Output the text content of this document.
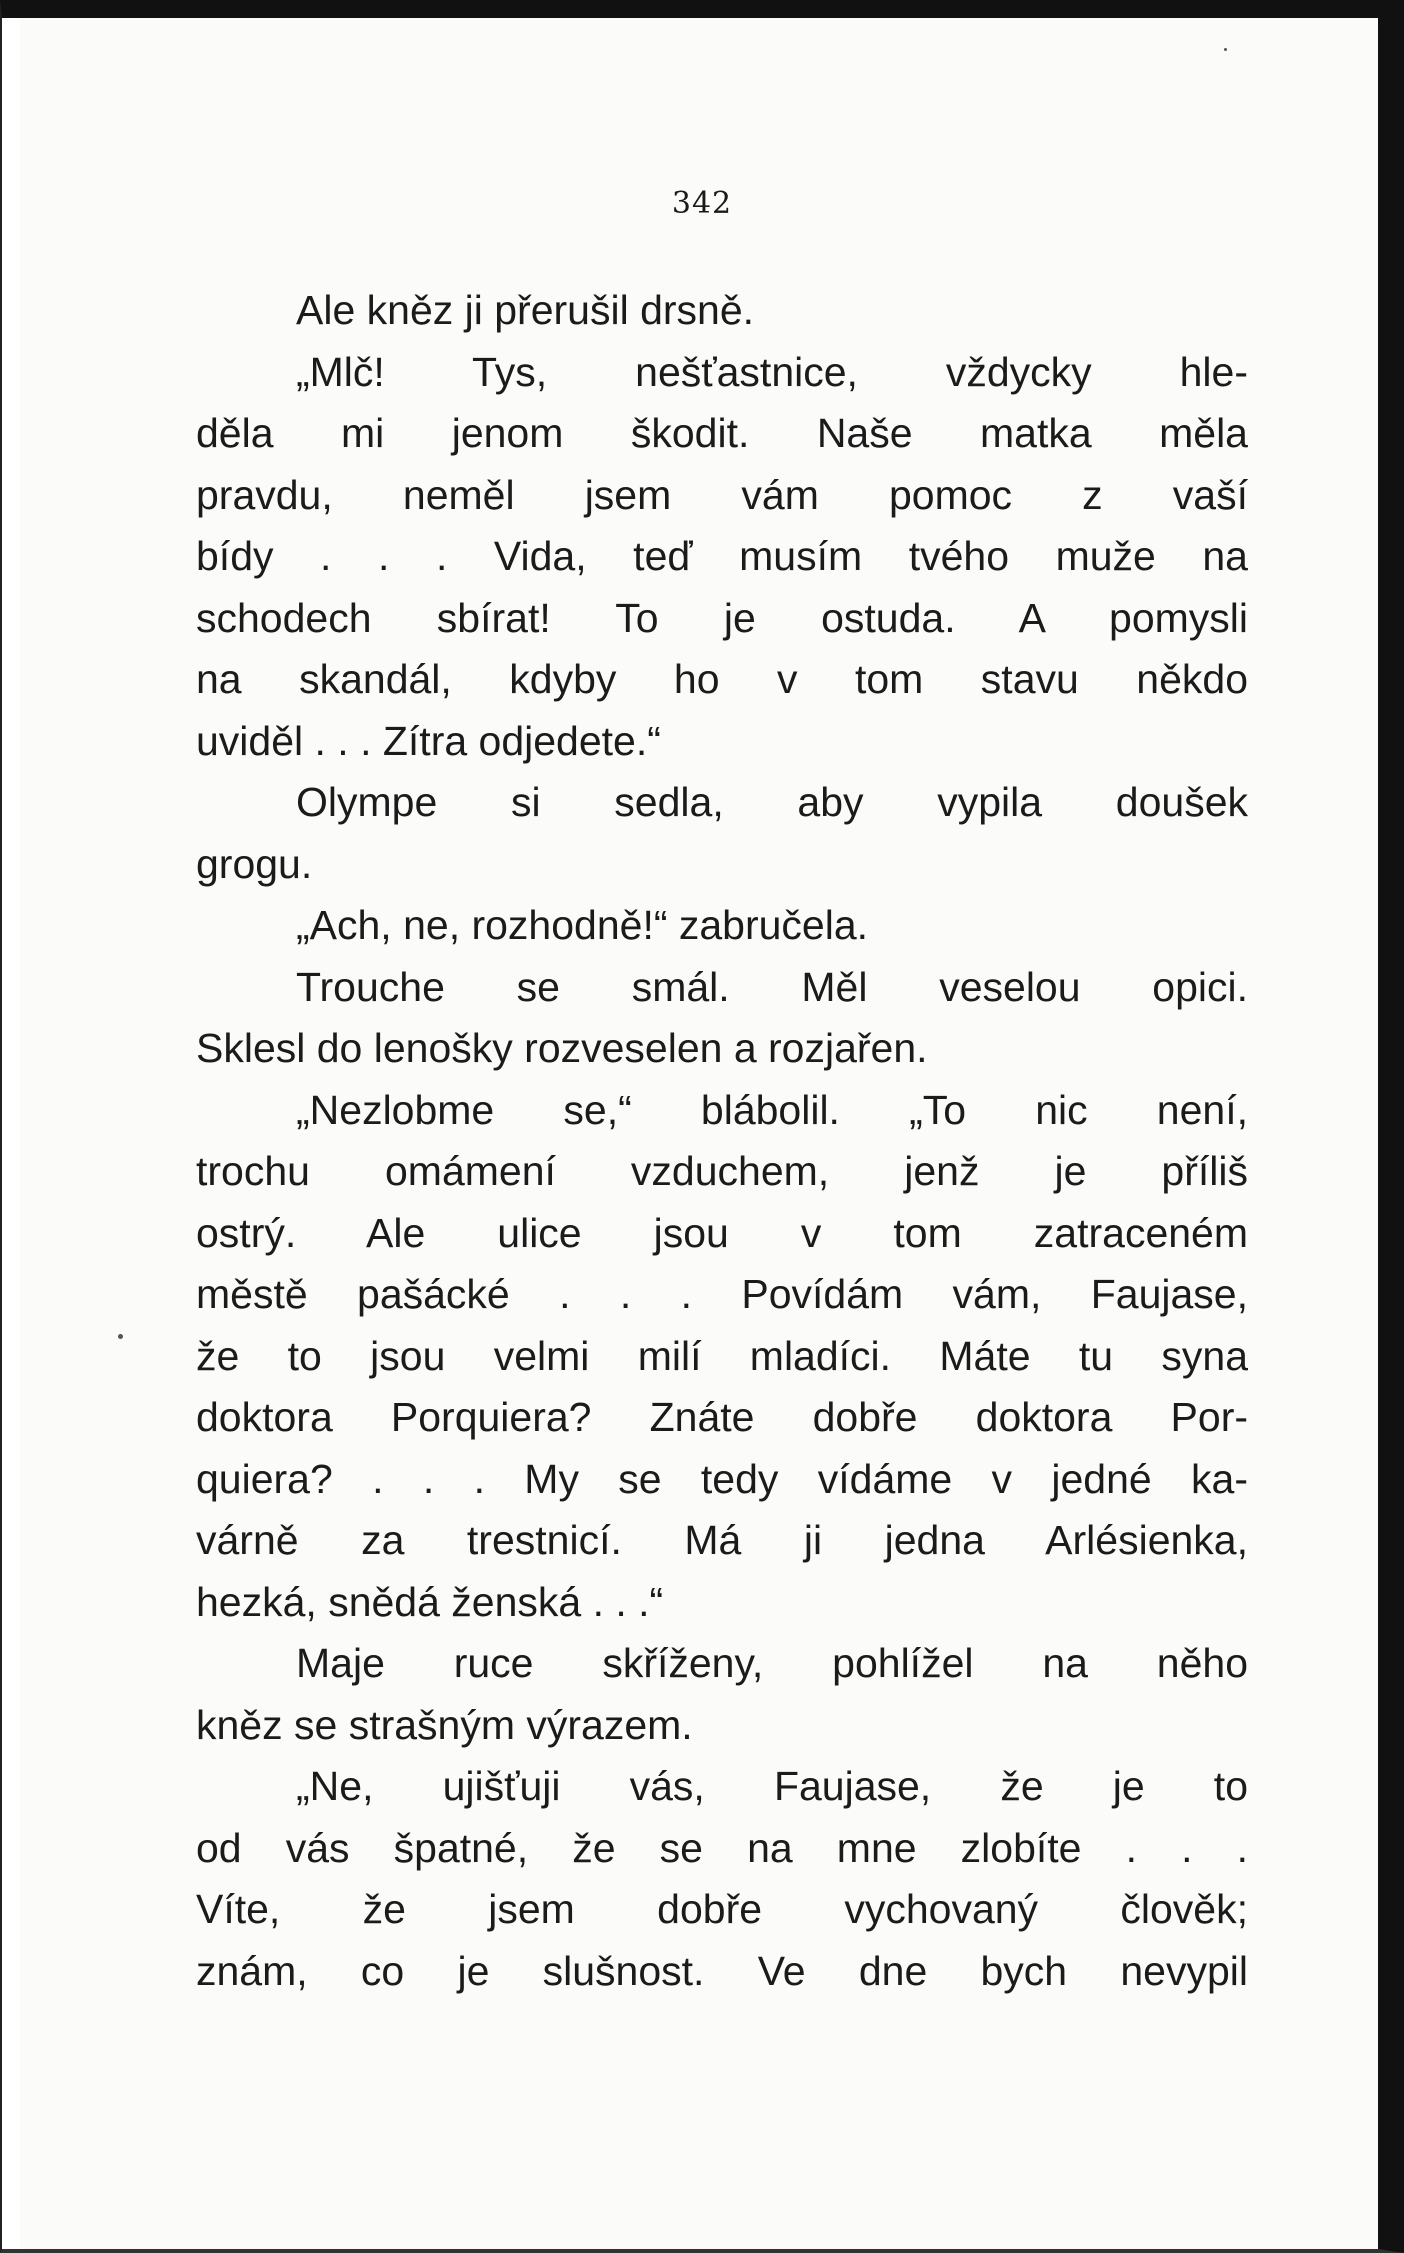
342
Ale kněz ji přerušil drsně.
„Mlč! Tys, nešťastnice, vždycky hle-
děla mi jenom škodit. Naše matka měla
pravdu, neměl jsem vám pomoc z vaší
bídy . . . Vida, teď musím tvého muže na
schodech sbírat! To je ostuda. A pomysli
na skandál, kdyby ho v tom stavu někdo
uviděl . . . Zítra odjedete.“
Olympe si sedla, aby vypila doušek
grogu.
„Ach, ne, rozhodně!“ zabručela.
Trouche se smál. Měl veselou opici.
Sklesl do lenošky rozveselen a rozjařen.
„Nezlobme se,“ blábolil. „To nic není,
trochu omámení vzduchem, jenž je příliš
ostrý. Ale ulice jsou v tom zatraceném
městě pašácké . . . Povídám vám, Faujase,
že to jsou velmi milí mladíci. Máte tu syna
doktora Porquiera? Znáte dobře doktora Por-
quiera? . . . My se tedy vídáme v jedné ka-
várně za trestnicí. Má ji jedna Arlésienka,
hezká, snědá ženská . . .“
Maje ruce skříženy, pohlížel na něho
kněz se strašným výrazem.
„Ne, ujišťuji vás, Faujase, že je to
od vás špatné, že se na mne zlobíte . . .
Víte, že jsem dobře vychovaný člověk;
znám, co je slušnost. Ve dne bych nevypil
